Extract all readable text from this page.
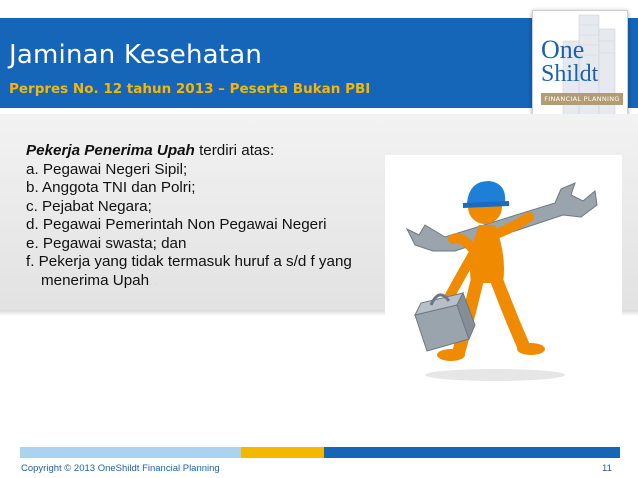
Jaminan Kesehatan
Perpres No. 12 tahun 2013 – Peserta Bukan PBI
One
Shildt
FINANCIAL PLANNING
Pekerja Penerima Upah terdiri atas:
a. Pegawai Negeri Sipil;
b. Anggota TNI dan Polri;
c. Pejabat Negara;
d. Pegawai Pemerintah Non Pegawai Negeri
e. Pegawai swasta; dan
f. Pekerja yang tidak termasuk huruf a s/d f yang
menerima Upah..
Copyright © 2013 OneShildt Financial Planning	11
